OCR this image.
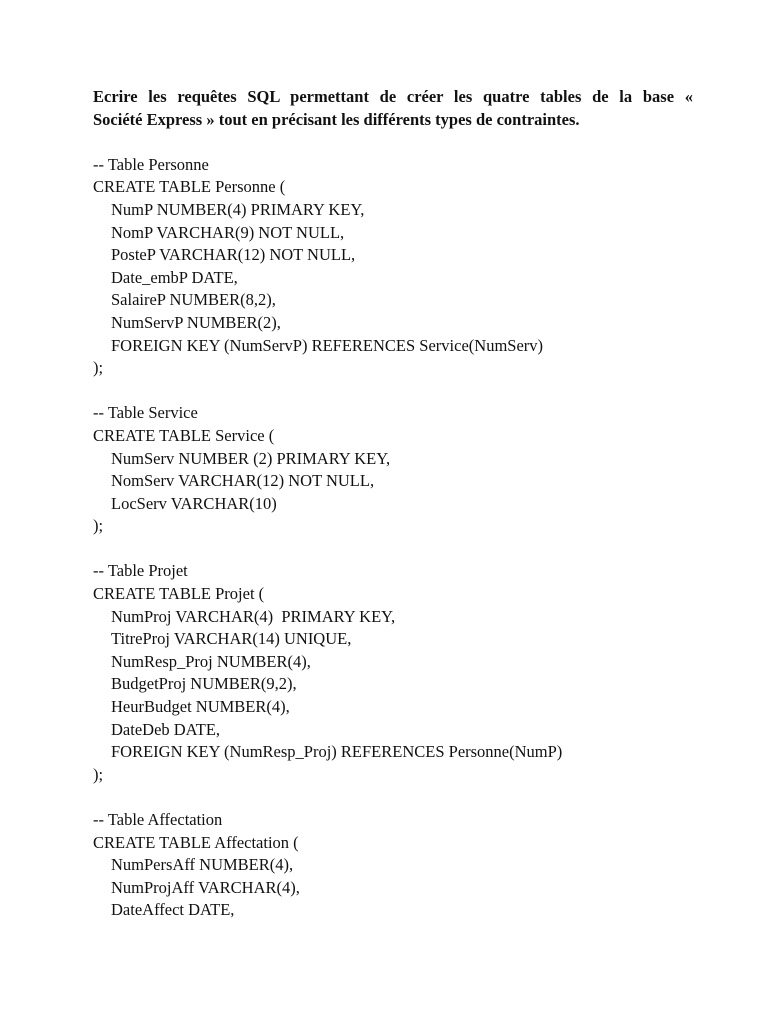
Ecrire les requêtes SQL permettant de créer les quatre tables de la base «

Société Express » tout en précisant les différents types de contraintes.

-- Table Personne

CREATE TABLE Personne (

NumP NUMBER(4) PRIMARY KEY,

NomP VARCHAR(9) NOT NULL,

PosteP VARCHAR(12) NOT NULL,

Date_embP DATE,

SalaireP NUMBER(8,2),

NumServP NUMBER(2),

FOREIGN KEY (NumServP) REFERENCES Service(NumServ)

);

-- Table Service

CREATE TABLE Service (

NumServ NUMBER (2) PRIMARY KEY,

NomServ VARCHAR(12) NOT NULL,

LocServ VARCHAR(10)

);

-- Table Projet

CREATE TABLE Projet (

NumProj VARCHAR(4)  PRIMARY KEY,

TitreProj VARCHAR(14) UNIQUE,

NumResp_Proj NUMBER(4),

BudgetProj NUMBER(9,2),

HeurBudget NUMBER(4),

DateDeb DATE,

FOREIGN KEY (NumResp_Proj) REFERENCES Personne(NumP)

);

-- Table Affectation

CREATE TABLE Affectation (

NumPersAff NUMBER(4),

NumProjAff VARCHAR(4),

DateAffect DATE,
